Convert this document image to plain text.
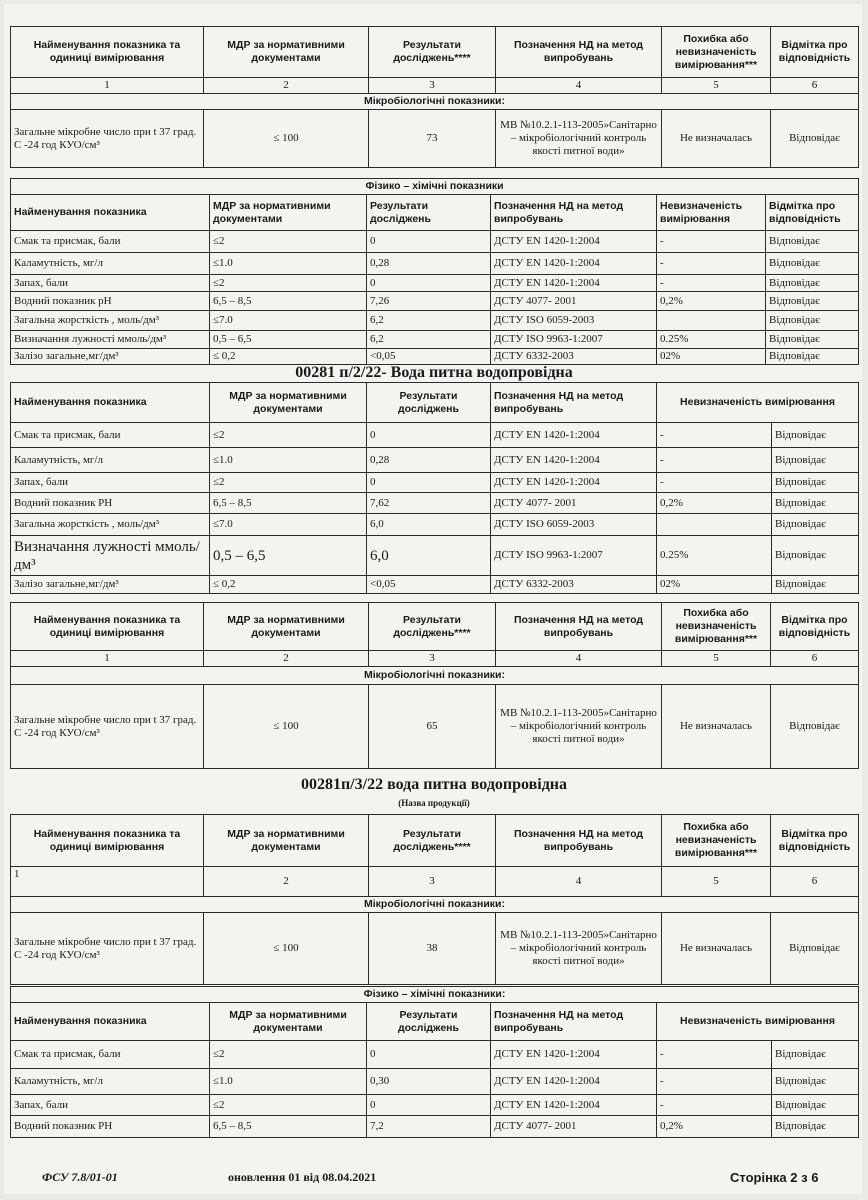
Найменування показника та одиниці вимірювання	МДР за нормативними документами	Результати досліджень****	Позначення НД на метод випробувань	Похибка або невизначеність вимірювання***	Відмітка про відповідність
1	2	3	4	5	6
Мікробіологічні показники:					
Загальне мікробне число при t 37 град. С -24 год КУО/см³	≤ 100	73	МВ №10.2.1-113-2005»Санітарно – мікробіологічний контроль якості питної води»	Не визначалась	Відповідає
Фізико – хімічні показники					
Найменування показника	МДР за нормативними документами	Результати досліджень	Позначення НД на метод випробувань	Невизначеність вимірювання	Відмітка про відповідність
Смак та присмак, бали	≤2	0	ДСТУ EN 1420-1:2004	-	Відповідає
Каламутність, мг/л	≤1.0	0,28	ДСТУ EN 1420-1:2004	-	Відповідає
Запах, бали	≤2	0	ДСТУ EN 1420-1:2004	-	Відповідає
Водний показник рН	6,5 – 8,5	7,26	ДСТУ 4077- 2001	0,2%	Відповідає
Загальна жорсткість , моль/дм³	≤7.0	6,2	ДСТУ ISO 6059-2003		Відповідає
Визначання лужності ммоль/дм³	0,5 – 6,5	6,2	ДСТУ ISO 9963-1:2007	0.25%	Відповідає
Залізо загальне,мг/дм³	≤ 0,2	<0,05	ДСТУ 6332-2003	02%	Відповідає
00281 п/2/22- Вода питна водопровідна
Найменування показника	МДР за нормативними документами	Результати досліджень	Позначення НД на метод випробувань	Невизначеність вимірювання	
Смак та присмак, бали	≤2	0	ДСТУ EN 1420-1:2004	-	Відповідає
Каламутність, мг/л	≤1.0	0,28	ДСТУ EN 1420-1:2004	-	Відповідає
Запах, бали	≤2	0	ДСТУ EN 1420-1:2004	-	Відповідає
Водний показник РН	6,5 – 8,5	7,62	ДСТУ 4077- 2001	0,2%	Відповідає
Загальна жорсткість , моль/дм³	≤7.0	6,0	ДСТУ ISO 6059-2003		Відповідає
Визначання лужності ммоль/дм³	0,5 – 6,5	6,0	ДСТУ ISO 9963-1:2007	0.25%	Відповідає
Залізо загальне,мг/дм³	≤ 0,2	<0,05	ДСТУ 6332-2003	02%	Відповідає
Найменування показника та одиниці вимірювання	МДР за нормативними документами	Результати досліджень****	Позначення НД на метод випробувань	Похибка або невизначеність вимірювання***	Відмітка про відповідність
1	2	3	4	5	6
Мікробіологічні показники:					
Загальне мікробне число при t 37 град. С -24 год КУО/см³	≤ 100	65	МВ №10.2.1-113-2005»Санітарно – мікробіологічний контроль якості питної води»	Не визначалась	Відповідає
00281п/3/22 вода питна водопровідна
(Назва продукції)
Найменування показника та одиниці вимірювання	МДР за нормативними документами	Результати досліджень****	Позначення НД на метод випробувань	Похибка або невизначеність вимірювання***	Відмітка про відповідність
1	2	3	4	5	6
Мікробіологічні показники:					
Загальне мікробне число при t 37 град. С -24 год КУО/см³	≤ 100	38	МВ №10.2.1-113-2005»Санітарно – мікробіологічний контроль якості питної води»	Не визначалась	Відповідає
Фізико – хімічні показники:					
Найменування показника	МДР за нормативними документами	Результати досліджень	Позначення НД на метод випробувань	Невизначеність вимірювання	
Смак та присмак, бали	≤2	0	ДСТУ EN 1420-1:2004	-	Відповідає
Каламутність, мг/л	≤1.0	0,30	ДСТУ EN 1420-1:2004	-	Відповідає
Запах, бали	≤2	0	ДСТУ EN 1420-1:2004	-	Відповідає
Водний показник РН	6,5 – 8,5	7,2	ДСТУ 4077- 2001	0,2%	Відповідає
ФСУ 7.8/01-01	оновлення 01 від 08.04.2021	Сторінка 2 з 6
